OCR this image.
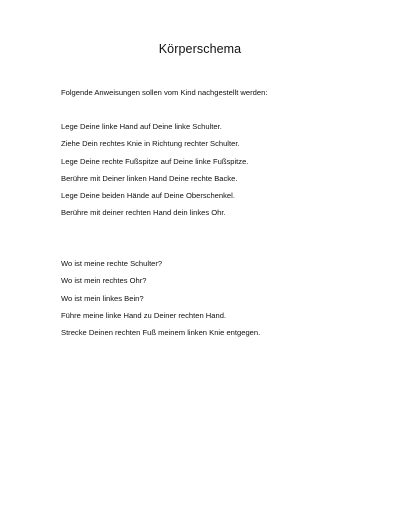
Körperschema

Folgende Anweisungen sollen vom Kind nachgestellt werden:

Lege Deine linke Hand auf Deine linke Schulter.
Ziehe Dein rechtes Knie in Richtung rechter Schulter.
Lege Deine rechte Fußspitze auf Deine linke Fußspitze.
Berühre mit Deiner linken Hand Deine rechte Backe.
Lege Deine beiden Hände auf Deine Oberschenkel.
Berühre mit deiner rechten Hand dein linkes Ohr.
Wo ist meine rechte Schulter?
Wo ist mein rechtes Ohr?
Wo ist mein linkes Bein?
Führe meine linke Hand zu Deiner rechten Hand.
Strecke Deinen rechten Fuß meinem linken Knie entgegen.
